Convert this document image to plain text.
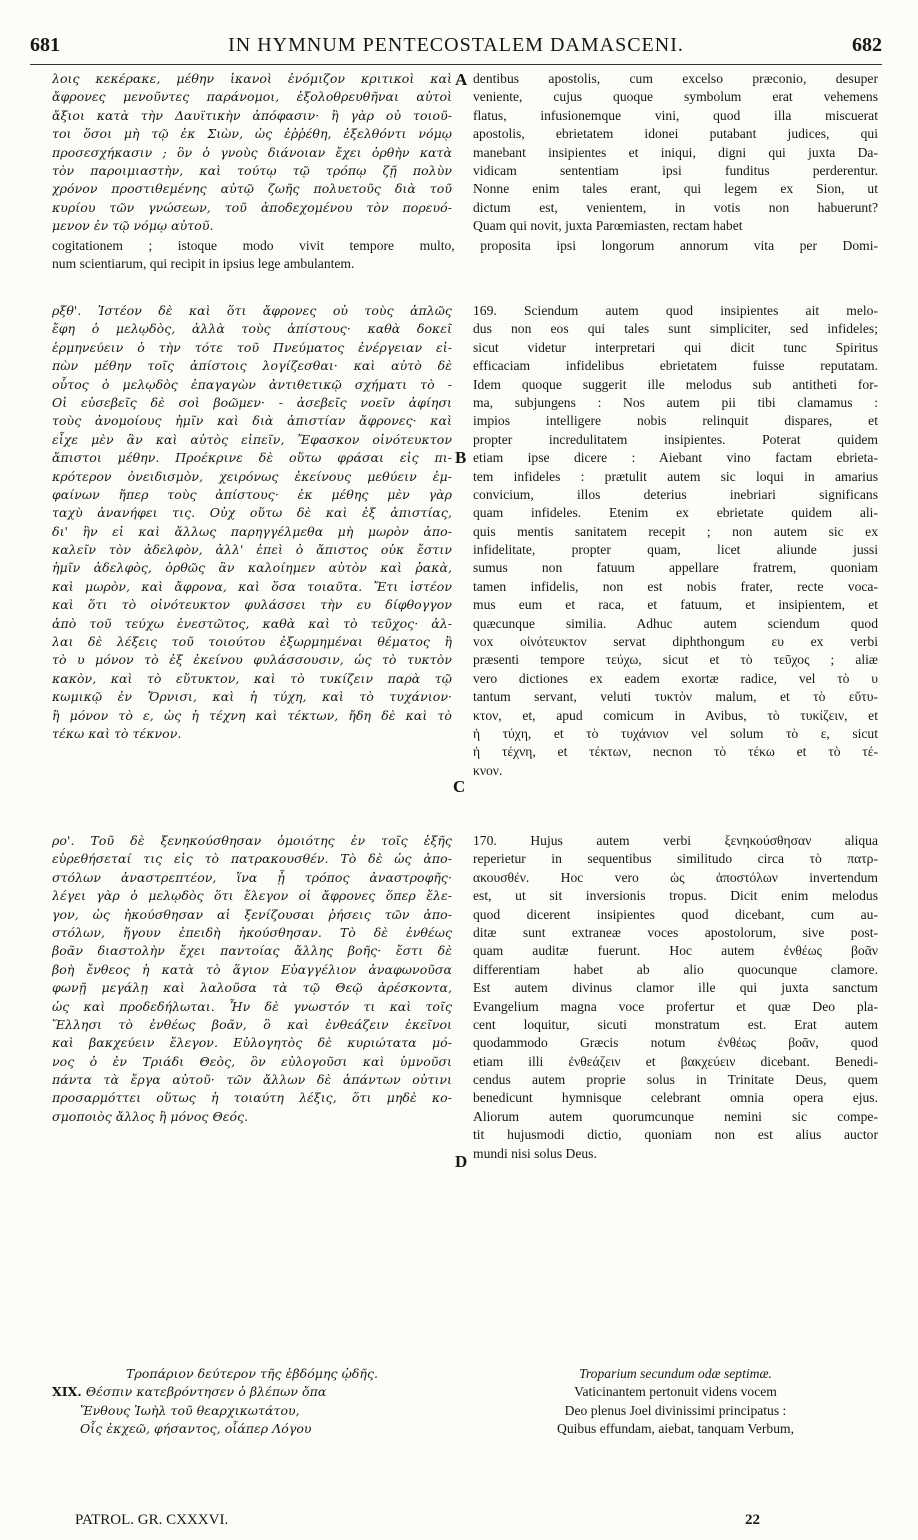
681	IN HYMNUM PENTECOSTALEM DAMASCENI.	682
λοις κεκέρακε, μέθην ἱκανοὶ ἐνόμιζον κριτικοὶ καὶ
ἄφρονες μενοῦντες παράνομοι, ἐξολοθρευθῆναι αὐτοὶ
ἄξιοι κατὰ τὴν Δαυϊτικὴν ἀπόφασιν· ἢ γὰρ οὐ τοιοῦ-
τοι ὅσοι μὴ τῷ ἐκ Σιὼν, ὡς ἐῤῥέθη, ἐξελθόντι νόμῳ
προσεσχήκασιν ; ὃν ὁ γνοὺς διάνοιαν ἔχει ὀρθὴν κατὰ
τὸν παροιμιαστὴν, καὶ τούτῳ τῷ τρόπῳ ζῇ πολὺν
χρόνον προστιθεμένης αὐτῷ ζωῆς πολυετοῦς διὰ τοῦ
κυρίου τῶν γνώσεων, τοῦ ἀποδεχομένου τὸν πορευό-
μενον ἐν τῷ νόμῳ αὐτοῦ.
dentibus apostolis, cum excelso præconio, desuper
veniente, cujus quoque symbolum erat vehemens
flatus, infusionemque vini, quod illa miscuerat
apostolis, ebrietatem idonei putabant judices, qui
manebant insipientes et iniqui, digni qui juxta Da-
vidicam sententiam ipsi funditus perderentur.
Nonne enim tales erant, qui legem ex Sion, ut
dictum est, venientem, in votis non habuerunt?
Quam qui novit, juxta Parœmiasten, rectam habet
cogitationem ; istoque modo vivit tempore multo, proposita ipsi longorum annorum vita per Domi-
num scientiarum, qui recipit in ipsius lege ambulantem.
ρξθ'. Ἰστέον δὲ καὶ ὅτι ἄφρονες οὐ τοὺς ἁπλῶς
ἔφη ὁ μελῳδὸς, ἀλλὰ τοὺς ἀπίστους· καθὰ δοκεῖ
ἑρμηνεύειν ὁ τὴν τότε τοῦ Πνεύματος ἐνέργειαν εἰ-
πὼν μέθην τοῖς ἀπίστοις λογίζεσθαι· καὶ αὐτὸ δὲ
οὗτος ὁ μελῳδὸς ἐπαγαγὼν ἀντιθετικῷ σχήματι τὸ -
Οἱ εὐσεβεῖς δὲ σοὶ βοῶμεν· - ἀσεβεῖς νοεῖν ἀφίησι
τοὺς ἀνομοίους ἡμῖν καὶ διὰ ἀπιστίαν ἄφρονες· καὶ
εἶχε μὲν ἂν καὶ αὐτὸς εἰπεῖν, Ἔφασκον οἰνότευκτον
ἄπιστοι μέθην. Προέκρινε δὲ οὕτω φράσαι εἰς πι-
κρότερον ὀνειδισμὸν, χειρόνως ἐκείνους μεθύειν ἐμ-
φαίνων ἤπερ τοὺς ἀπίστους· ἐκ μέθης μὲν γὰρ
ταχὺ ἀνανήφει τις. Οὐχ οὕτω δὲ καὶ ἐξ ἀπιστίας,
δι' ἣν εἰ καὶ ἄλλως παρηγγέλμεθα μὴ μωρὸν ἀπο-
καλεῖν τὸν ἀδελφὸν, ἀλλ' ἐπεὶ ὁ ἄπιστος οὐκ ἔστιν
ἡμῖν ἀδελφὸς, ὀρθῶς ἂν καλοίημεν αὐτὸν καὶ ῥακὰ,
καὶ μωρὸν, καὶ ἄφρονα, καὶ ὅσα τοιαῦτα. Ἔτι ἰστέον
καὶ ὅτι τὸ οἰνότευκτον φυλάσσει τὴν ευ δίφθογγον
ἀπὸ τοῦ τεύχω ἐνεστῶτος, καθὰ καὶ τὸ τεῦχος· ἀλ-
λαι δὲ λέξεις τοῦ τοιούτου ἐξωρμημέναι θέματος ἢ
τὸ υ μόνον τὸ ἐξ ἐκείνου φυλάσσουσιν, ὡς τὸ τυκτὸν
κακὸν, καὶ τὸ εὔτυκτον, καὶ τὸ τυκίζειν παρὰ τῷ
κωμικῷ ἐν Ὄρνισι, καὶ ἡ τύχη, καὶ τὸ τυχάνιον·
ἢ μόνον τὸ ε, ὡς ἡ τέχνη καὶ τέκτων, ἤδη δὲ καὶ τὸ
τέκω καὶ τὸ τέκνον.
169. Sciendum autem quod insipientes ait melo-
dus non eos qui tales sunt simpliciter, sed infideles;
sicut videtur interpretari qui dicit tunc Spiritus
efficaciam infidelibus ebrietatem fuisse reputatam.
Idem quoque suggerit ille melodus sub antitheti for-
ma, subjungens : Nos autem pii tibi clamamus :
impios intelligere nobis relinquit dispares, et
propter incredulitatem insipientes. Poterat quidem
etiam ipse dicere : Aiebant vino factam ebrieta-
tem infideles : prætulit autem sic loqui in amarius
convicium, illos deterius inebriari significans
quam infideles. Etenim ex ebrietate quidem ali-
quis mentis sanitatem recepit ; non autem sic ex
infidelitate, propter quam, licet aliunde jussi
sumus non fatuum appellare fratrem, quoniam
tamen infidelis, non est nobis frater, recte voca-
mus eum et raca, et fatuum, et insipientem, et
quæcunque similia. Adhuc autem sciendum quod
vox οἰνότευκτον servat diphthongum ευ ex verbi
præsenti tempore τεύχω, sicut et τὸ τεῦχος ; aliæ
vero dictiones ex eadem exortæ radice, vel τὸ υ
tantum servant, veluti τυκτὸν malum, et τὸ εὔτυ-
κτον, et, apud comicum in Avibus, τὸ τυκίζειν, et
ἡ τύχη, et τὸ τυχάνιον vel solum τὸ ε, sicut
ἡ τέχνη, et τέκτων, necnon τὸ τέκω et τὸ τέ-
κνον.
ρο'. Τοῦ δὲ ξενηκούσθησαν ὁμοιότης ἐν τοῖς ἑξῆς
εὑρεθήσεταί τις εἰς τὸ πατρακουσθέν. Τὸ δὲ ὡς ἀπο-
στόλων ἀναστρεπτέον, ἵνα ᾖ τρόπος ἀναστροφῆς·
λέγει γὰρ ὁ μελῳδὸς ὅτι ἔλεγον οἱ ἄφρονες ὅπερ ἔλε-
γον, ὡς ἠκούσθησαν αἱ ξενίζουσαι ῥήσεις τῶν ἀπο-
στόλων, ἤγουν ἐπειδὴ ἠκούσθησαν. Τὸ δὲ ἐνθέως
βοᾶν διαστολὴν ἔχει παντοίας ἄλλης βοῆς· ἔστι δὲ
βοὴ ἔνθεος ἡ κατὰ τὸ ἅγιον Εὐαγγέλιον ἀναφωνοῦσα
φωνῇ μεγάλῃ καὶ λαλοῦσα τὰ τῷ Θεῷ ἀρέσκοντα,
ὡς καὶ προδεδήλωται. Ἦν δὲ γνωστόν τι καὶ τοῖς
Ἕλλησι τὸ ἐνθέως βοᾶν, ὃ καὶ ἐνθεάζειν ἐκεῖνοι
καὶ βακχεύειν ἔλεγον. Εὐλογητὸς δὲ κυριώτατα μό-
νος ὁ ἐν Τριάδι Θεὸς, ὃν εὐλογοῦσι καὶ ὑμνοῦσι
πάντα τὰ ἔργα αὐτοῦ· τῶν ἄλλων δὲ ἁπάντων οὐτινι
προσαρμόττει οὕτως ἡ τοιαύτη λέξις, ὅτι μηδὲ κο-
σμοποιὸς ἄλλος ἢ μόνος Θεός.
170. Hujus autem verbi ξενηκούσθησαν aliqua
reperietur in sequentibus similitudo circa τὸ πατρ-
ακουσθέν. Hoc vero ὡς ἀποστόλων invertendum
est, ut sit inversionis tropus. Dicit enim melodus
quod dicerent insipientes quod dicebant, cum au-
ditæ sunt extraneæ voces apostolorum, sive post-
quam auditæ fuerunt. Hoc autem ἐνθέως βοᾶν
differentiam habet ab alio quocunque clamore.
Est autem divinus clamor ille qui juxta sanctum
Evangelium magna voce profertur et quæ Deo pla-
cent loquitur, sicuti monstratum est. Erat autem
quodammodo Græcis notum ἐνθέως βοᾶν, quod
etiam illi ἐνθεάζειν et βακχεύειν dicebant. Benedi-
cendus autem proprie solus in Trinitate Deus, quem
benedicunt hymnisque celebrant omnia opera ejus.
Aliorum autem quorumcunque nemini sic compe-
tit hujusmodi dictio, quoniam non est alius auctor
mundi nisi solus Deus.
Τροπάριον δεύτερον τῆς ἑβδόμης ᾠδῆς.
XIX. Θέσπιν κατεβρόντησεν ὁ βλέπων ὄπα
Ἔνθους Ἰωὴλ τοῦ θεαρχικωτάτου,
Οἷς ἐκχεῶ, φήσαντος, οἷάπερ Λόγου
Troparium secundum odæ septimæ.
Vaticinantem pertonuit videns vocem
Deo plenus Joel divinissimi principatus :
Quibus effundam, aiebat, tanquam Verbum,
A
B
C
D
PATROL. GR. CXXXVI.	22
